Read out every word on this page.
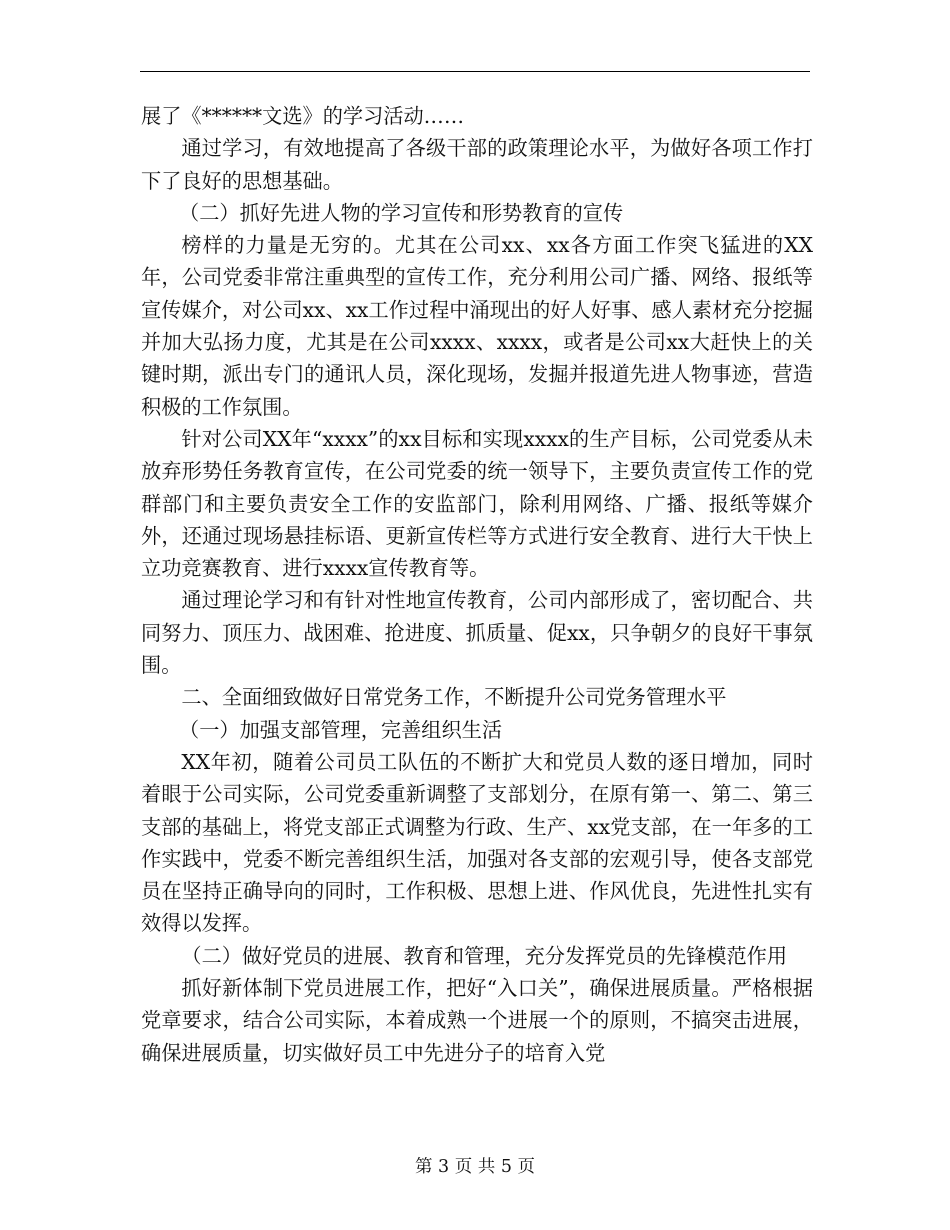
展了《******文选》的学习活动……

通过学习，有效地提高了各级干部的政策理论水平，为做好各项工作打下了良好的思想基础。

（二）抓好先进人物的学习宣传和形势教育的宣传

榜样的力量是无穷的。尤其在公司xx、xx各方面工作突飞猛进的XX年，公司党委非常注重典型的宣传工作，充分利用公司广播、网络、报纸等宣传媒介，对公司xx、xx工作过程中涌现出的好人好事、感人素材充分挖掘并加大弘扬力度，尤其是在公司xxxx、xxxx，或者是公司xx大赶快上的关键时期，派出专门的通讯人员，深化现场，发掘并报道先进人物事迹，营造积极的工作氛围。

针对公司XX年“xxxx”的xx目标和实现xxxx的生产目标，公司党委从未放弃形势任务教育宣传，在公司党委的统一领导下，主要负责宣传工作的党群部门和主要负责安全工作的安监部门，除利用网络、广播、报纸等媒介外，还通过现场悬挂标语、更新宣传栏等方式进行安全教育、进行大干快上立功竞赛教育、进行xxxx宣传教育等。

通过理论学习和有针对性地宣传教育，公司内部形成了，密切配合、共同努力、顶压力、战困难、抢进度、抓质量、促xx，只争朝夕的良好干事氛围。

二、全面细致做好日常党务工作，不断提升公司党务管理水平

（一）加强支部管理，完善组织生活

XX年初，随着公司员工队伍的不断扩大和党员人数的逐日增加，同时着眼于公司实际，公司党委重新调整了支部划分，在原有第一、第二、第三支部的基础上，将党支部正式调整为行政、生产、xx党支部，在一年多的工作实践中，党委不断完善组织生活，加强对各支部的宏观引导，使各支部党员在坚持正确导向的同时，工作积极、思想上进、作风优良，先进性扎实有效得以发挥。

（二）做好党员的进展、教育和管理，充分发挥党员的先锋模范作用

抓好新体制下党员进展工作，把好“入口关”，确保进展质量。严格根据党章要求，结合公司实际，本着成熟一个进展一个的原则，不搞突击进展，确保进展质量，切实做好员工中先进分子的培育入党

第 3 页 共 5 页
